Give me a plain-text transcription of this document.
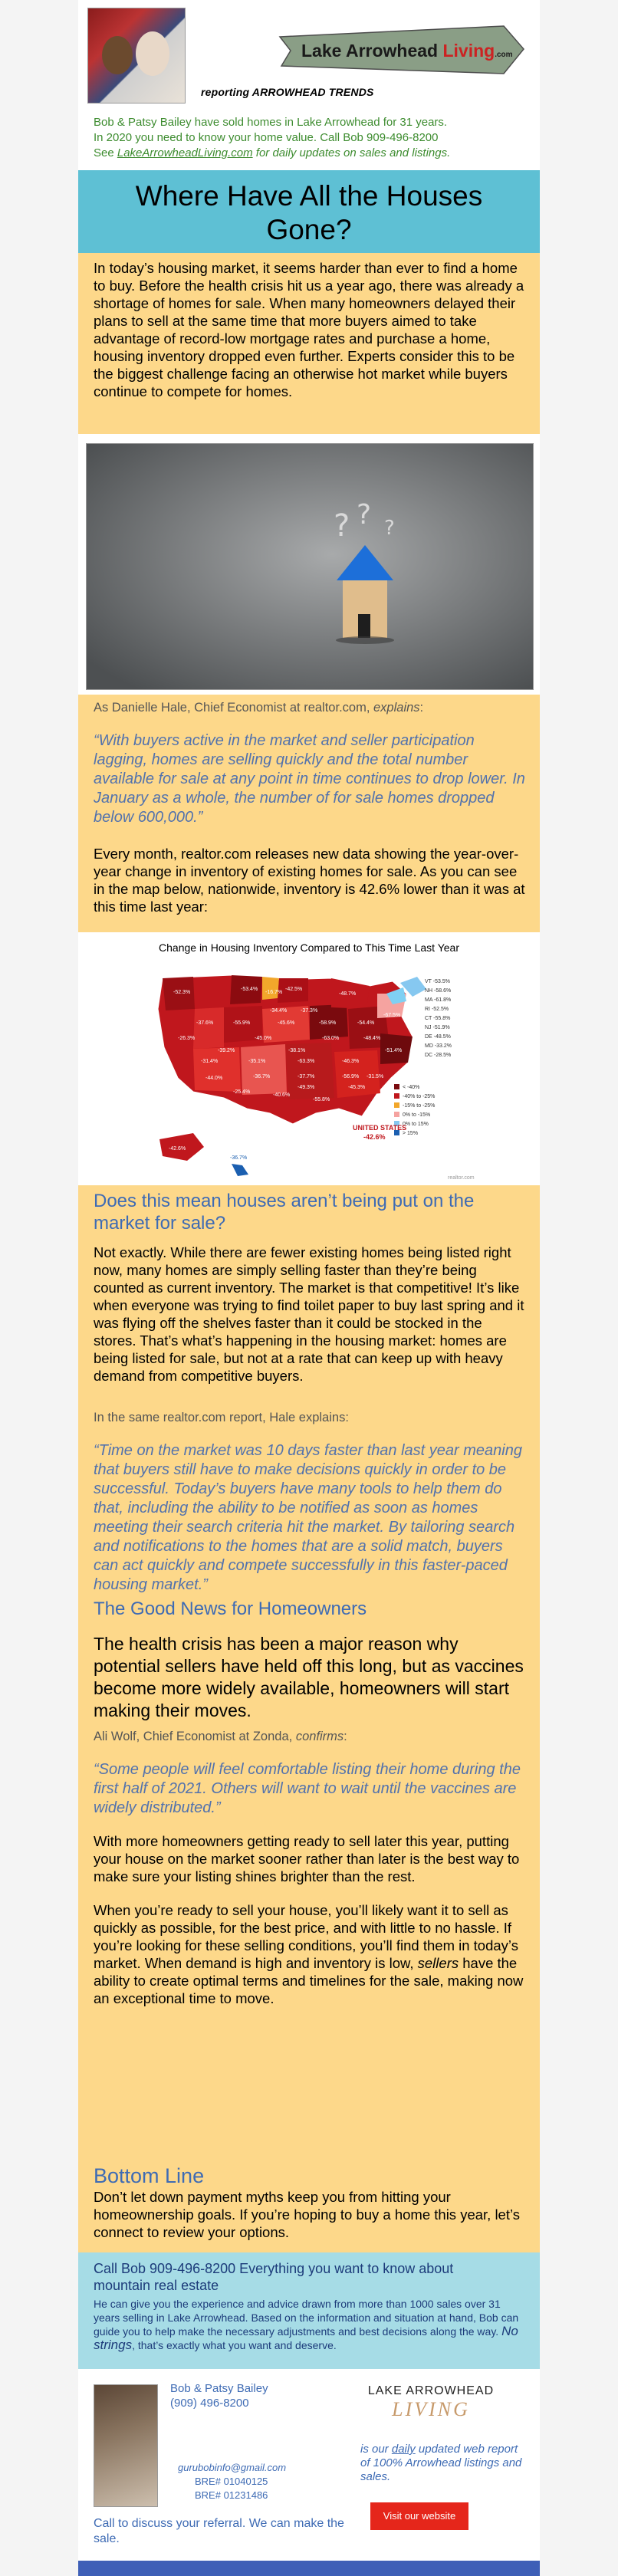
Lake Arrowhead Living.com
reporting ARROWHEAD TRENDS
Bob & Patsy Bailey have sold homes in Lake Arrowhead for 31 years.
In 2020 you need to know your home value. Call Bob 909-496-8200
See LakeArrowheadLiving.com for daily updates on sales and listings.
Where Have All the Houses Gone?
In today’s housing market, it seems harder than ever to find a home to buy. Before the health crisis hit us a year ago, there was already a shortage of homes for sale. When many homeowners delayed their plans to sell at the same time that more buyers aimed to take advantage of record-low mortgage rates and purchase a home, housing inventory dropped even further. Experts consider this to be the biggest challenge facing an otherwise hot market while buyers continue to compete for homes.
? ? ?
As Danielle Hale, Chief Economist at realtor.com, explains:
“With buyers active in the market and seller participation lagging, homes are selling quickly and the total number available for sale at any point in time continues to drop lower. In January as a whole, the number of for sale homes dropped below 600,000.”
Every month, realtor.com releases new data showing the year-over-year change in inventory of existing homes for sale. As you can see in the map below, nationwide, inventory is 42.6% lower than it was at this time last year:
Change in Housing Inventory Compared to This Time Last Year
-52.3%
-53.4%	-42.5%
-37.6%	-55.9%	-58.9%
-16.7%	-48.7%
-31.4%	-35.1%	-63.3%
-36.7%
-45.6%	-54.4%
-26.3%
-37.7%
-46.3%
-56.9%
-44.0%
-45.0%	-48.4%
-51.4%
-63.0%
-49.3%
-67.5%
-55.8%
-40.6%
-25.4%
-39.2%	-38.1%
-45.3%
-31.5%
-34.4%	-37.3%
VT -53.5%
NH -58.6%
MA -61.8%
RI -52.5%
CT -55.8%
NJ -51.9%
DE -48.5%
MD -33.2%
DC -28.5%
-42.6%
-36.7%
< -40%
-40% to -25%
-15% to -25%
0% to -15%
0% to 15%
> 15%
UNITED STATES
-42.6%
realtor.com
Does this mean houses aren’t being put on the market for sale?
Not exactly. While there are fewer existing homes being listed right now, many homes are simply selling faster than they’re being counted as current inventory. The market is that competitive! It’s like when everyone was trying to find toilet paper to buy last spring and it was flying off the shelves faster than it could be stocked in the stores. That’s what’s happening in the housing market: homes are being listed for sale, but not at a rate that can keep up with heavy demand from competitive buyers.
In the same realtor.com report, Hale explains:
“Time on the market was 10 days faster than last year meaning that buyers still have to make decisions quickly in order to be successful. Today’s buyers have many tools to help them do that, including the ability to be notified as soon as homes meeting their search criteria hit the market. By tailoring search and notifications to the homes that are a solid match, buyers can act quickly and compete successfully in this faster-paced housing market.”
The Good News for Homeowners
The health crisis has been a major reason why potential sellers have held off this long, but as vaccines become more widely available, homeowners will start making their moves.
Ali Wolf, Chief Economist at Zonda, confirms:
“Some people will feel comfortable listing their home during the first half of 2021. Others will want to wait until the vaccines are widely distributed.”
With more homeowners getting ready to sell later this year, putting your house on the market sooner rather than later is the best way to make sure your listing shines brighter than the rest.
When you’re ready to sell your house, you’ll likely want it to sell as quickly as possible, for the best price, and with little to no hassle. If you’re looking for these selling conditions, you’ll find them in today’s market. When demand is high and inventory is low, sellers have the ability to create optimal terms and timelines for the sale, making now an exceptional time to move.
Bottom Line
Don’t let down payment myths keep you from hitting your homeownership goals. If you’re hoping to buy a home this year, let’s connect to review your options.
Call Bob 909-496-8200 Everything you want to know about mountain real estate
He can give you the experience and advice drawn from more than 1000 sales over 31 years selling in Lake Arrowhead. Based on the information and situation at hand, Bob can guide you to help make the necessary adjustments and best decisions along the way. No strings, that’s exactly what you want and deserve.
Bob & Patsy Bailey
(909) 496-8200
gurubobinfo@gmail.com
BRE# 01040125
BRE# 01231486
Call to discuss your referral. We can make the sale.
LAKE ARROWHEAD
LIVING
is our daily updated web report of 100% Arrowhead listings and sales.
Visit our website
